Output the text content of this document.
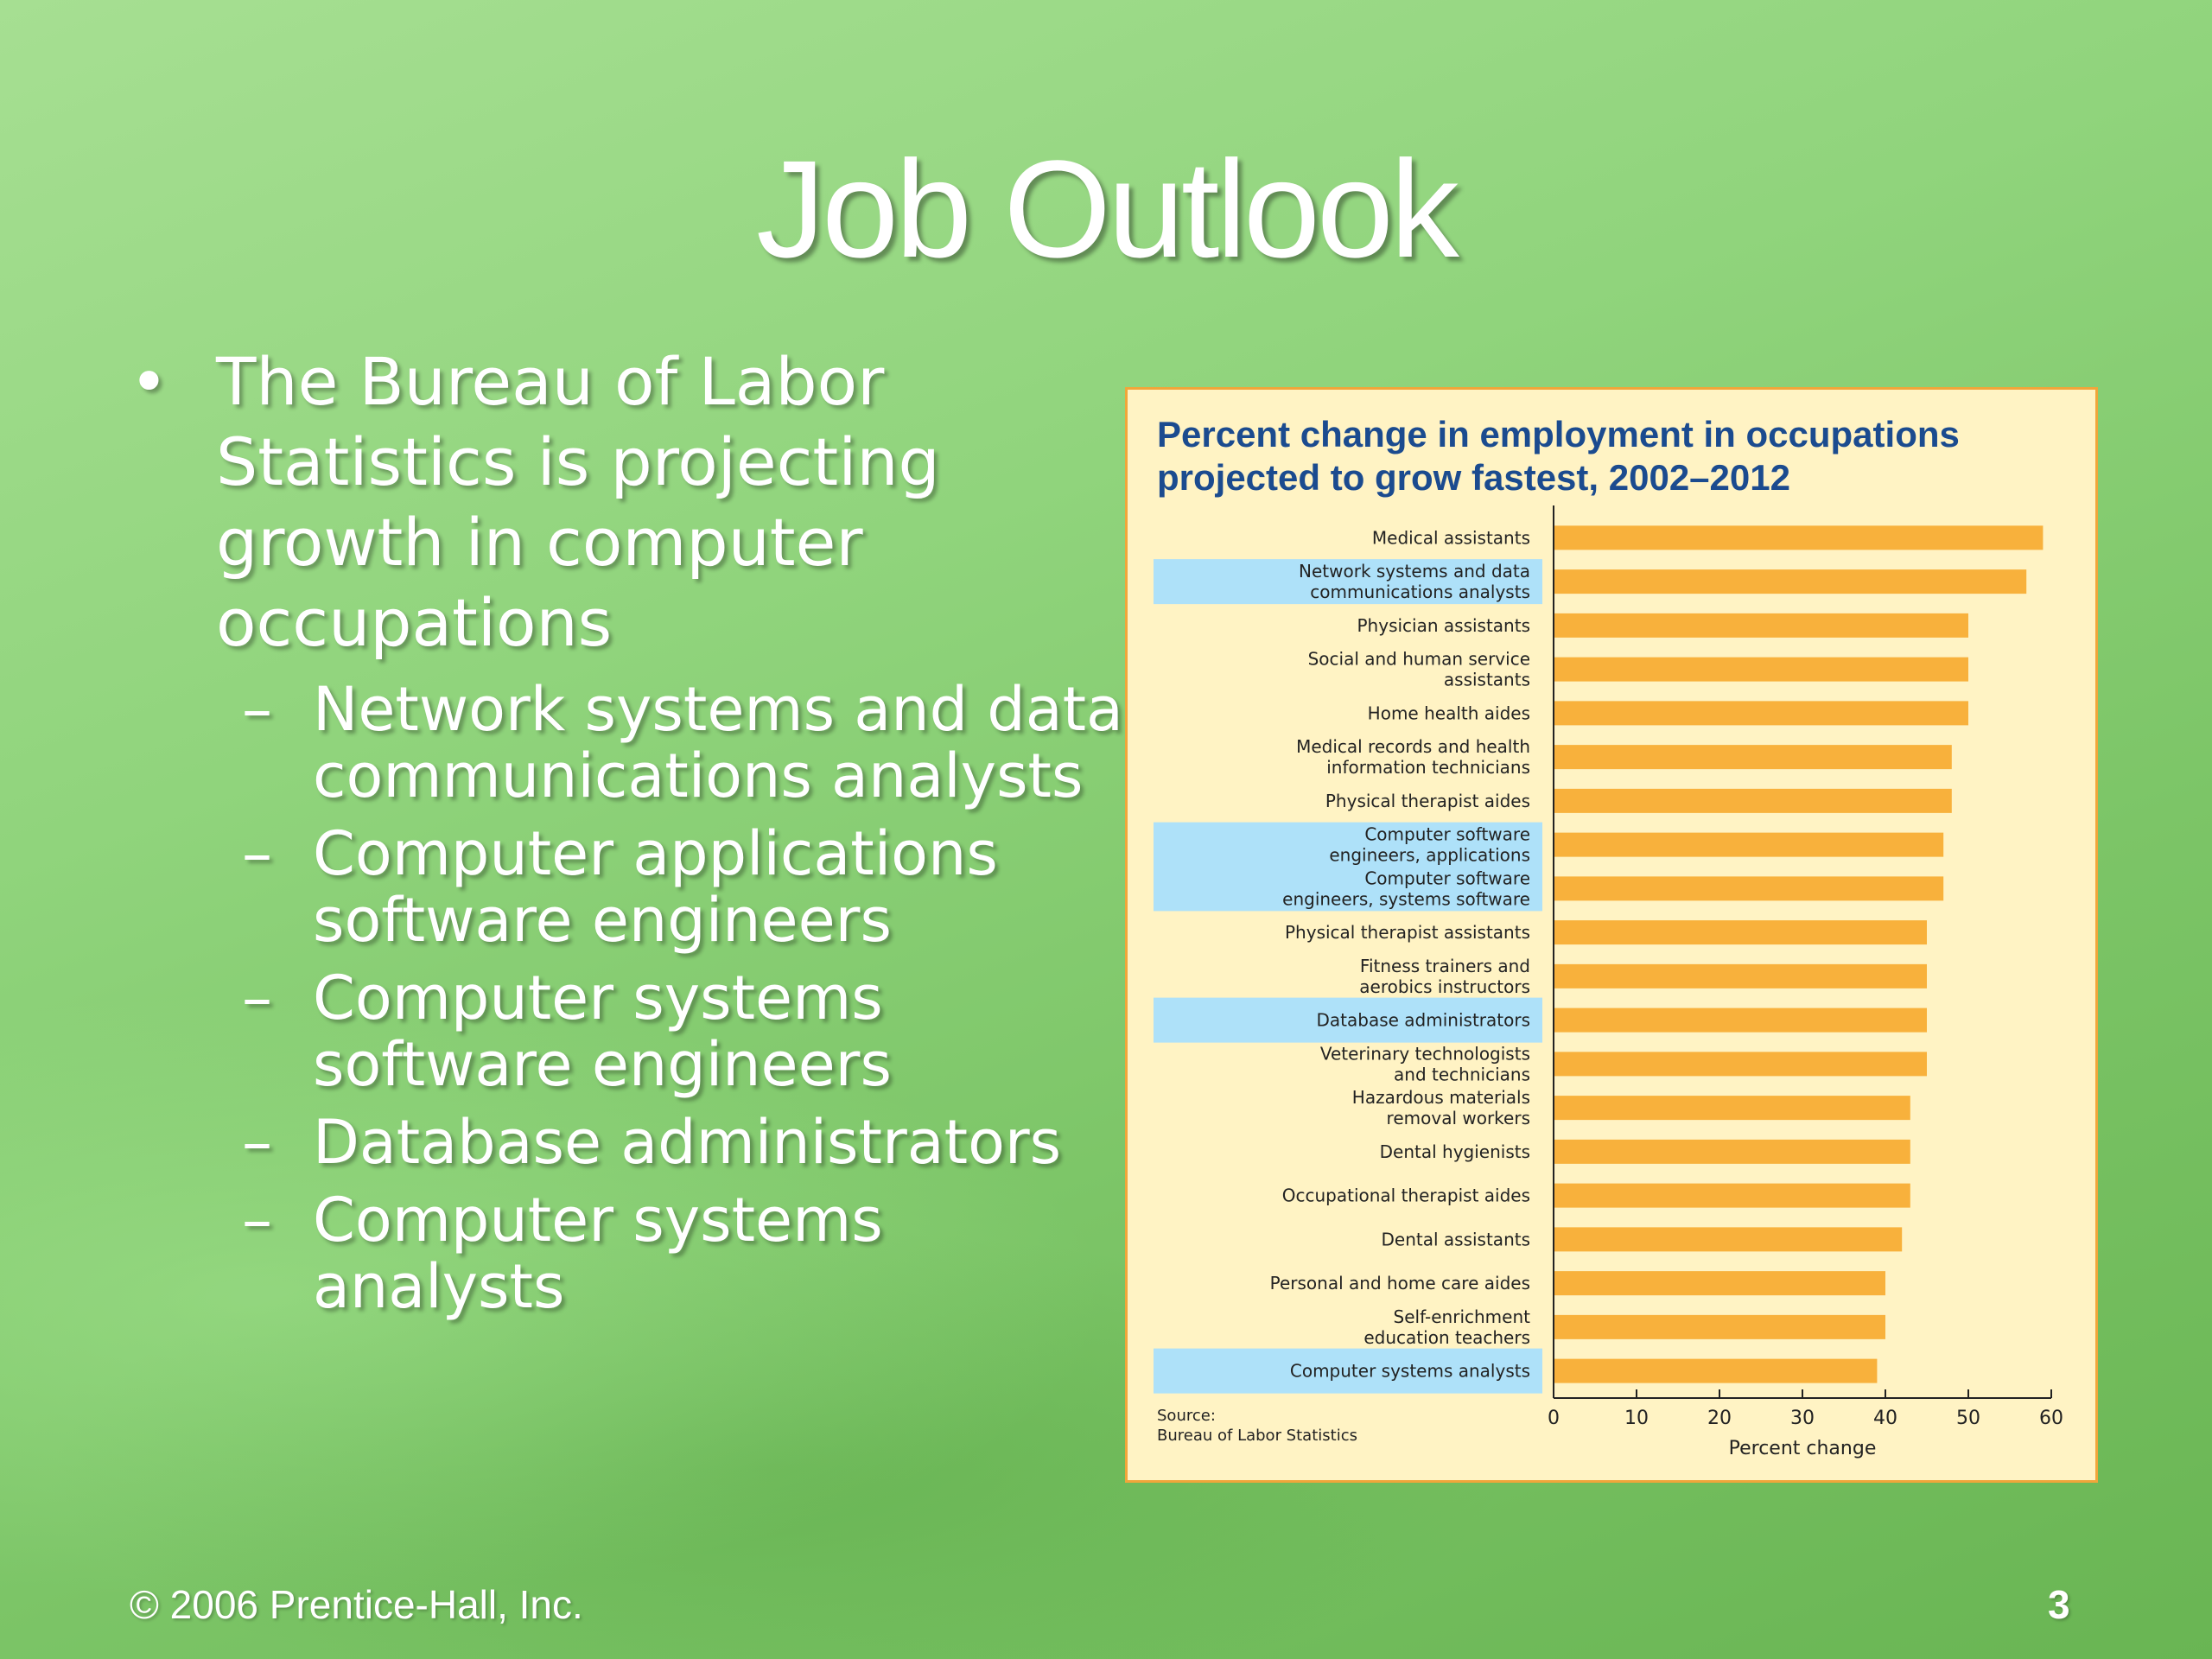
Job Outlook
• The Bureau of Labor Statistics is projecting growth in computer occupations
– Network systems and data communications analysts
– Computer applications software engineers
– Computer systems software engineers
– Database administrators
– Computer systems analysts
Percent change in employment in occupations
projected to grow fastest, 2002–2012
Medical assistants
Network systems and data
communications analysts
Physician assistants
Social and human service
assistants
Home health aides
Medical records and health
information technicians
Physical therapist aides
Computer software
engineers, applications
Computer software
engineers, systems software
Physical therapist assistants
Fitness trainers and
aerobics instructors
Database administrators
Veterinary technologists
and technicians
Hazardous materials
removal workers
Dental hygienists
Occupational therapist aides
Dental assistants
Personal and home care aides
Self-enrichment
education teachers
Computer systems analysts
0	10	20	30	40	50	60
Percent change
Source:
Bureau of Labor Statistics
© 2006 Prentice-Hall, Inc.	3
